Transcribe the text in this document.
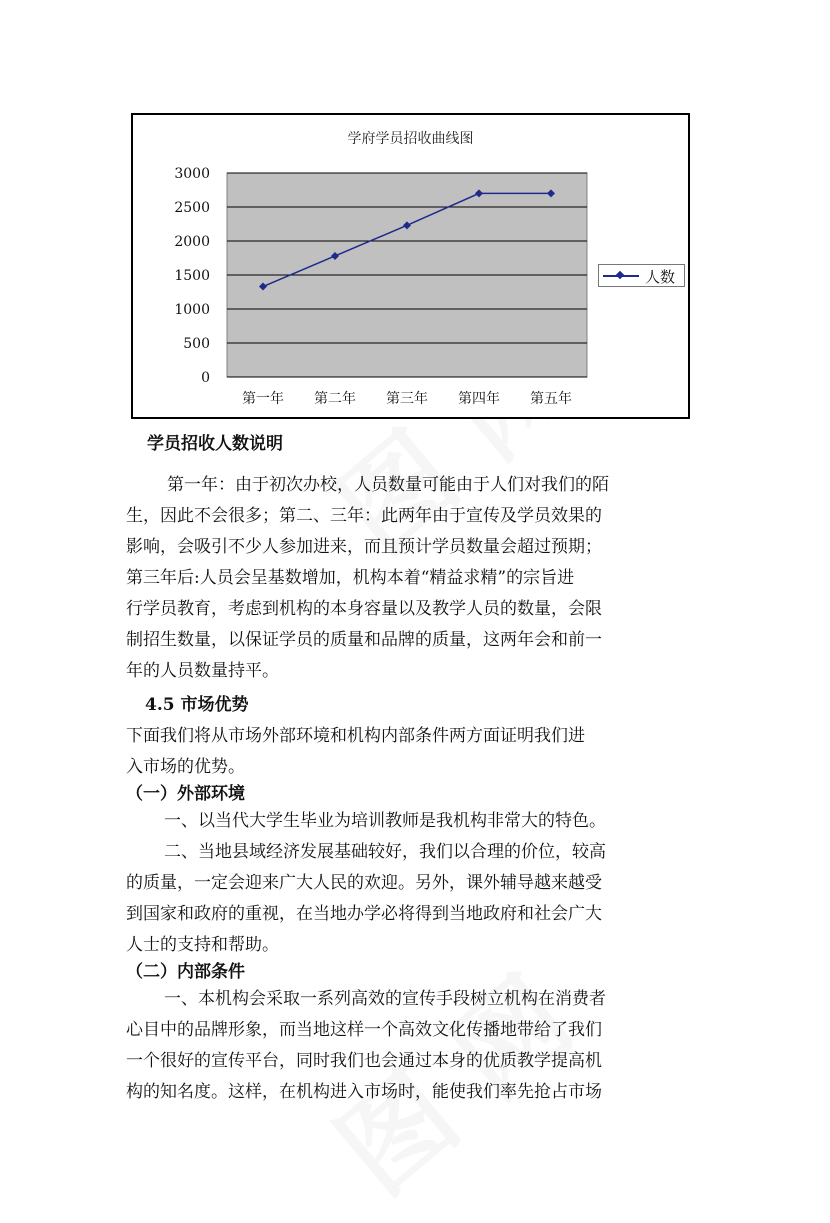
0
500
1000
1500
2000
2500
3000
第一年 第二年 第三年 第四年 第五年
学府学员招收曲线图
人数
学员招收人数说明
第一年：由于初次办校，人员数量可能由于人们对我们的陌
生，因此不会很多；第二、三年：此两年由于宣传及学员效果的
影响，会吸引不少人参加进来，而且预计学员数量会超过预期；
第三年后:人员会呈基数增加，机构本着“精益求精”的宗旨进
行学员教育，考虑到机构的本身容量以及教学人员的数量，会限
制招生数量，以保证学员的质量和品牌的质量，这两年会和前一
年的人员数量持平。
4.5 市场优势
下面我们将从市场外部环境和机构内部条件两方面证明我们进
入市场的优势。
（一）外部环境
一、以当代大学生毕业为培训教师是我机构非常大的特色。
二、当地县域经济发展基础较好，我们以合理的价位，较高
的质量，一定会迎来广大人民的欢迎。另外，课外辅导越来越受
到国家和政府的重视，在当地办学必将得到当地政府和社会广大
人士的支持和帮助。
（二）内部条件
一、本机构会采取一系列高效的宣传手段树立机构在消费者
心目中的品牌形象，而当地这样一个高效文化传播地带给了我们
一个很好的宣传平台，同时我们也会通过本身的优质教学提高机
构的知名度。这样，在机构进入市场时，能使我们率先抢占市场
